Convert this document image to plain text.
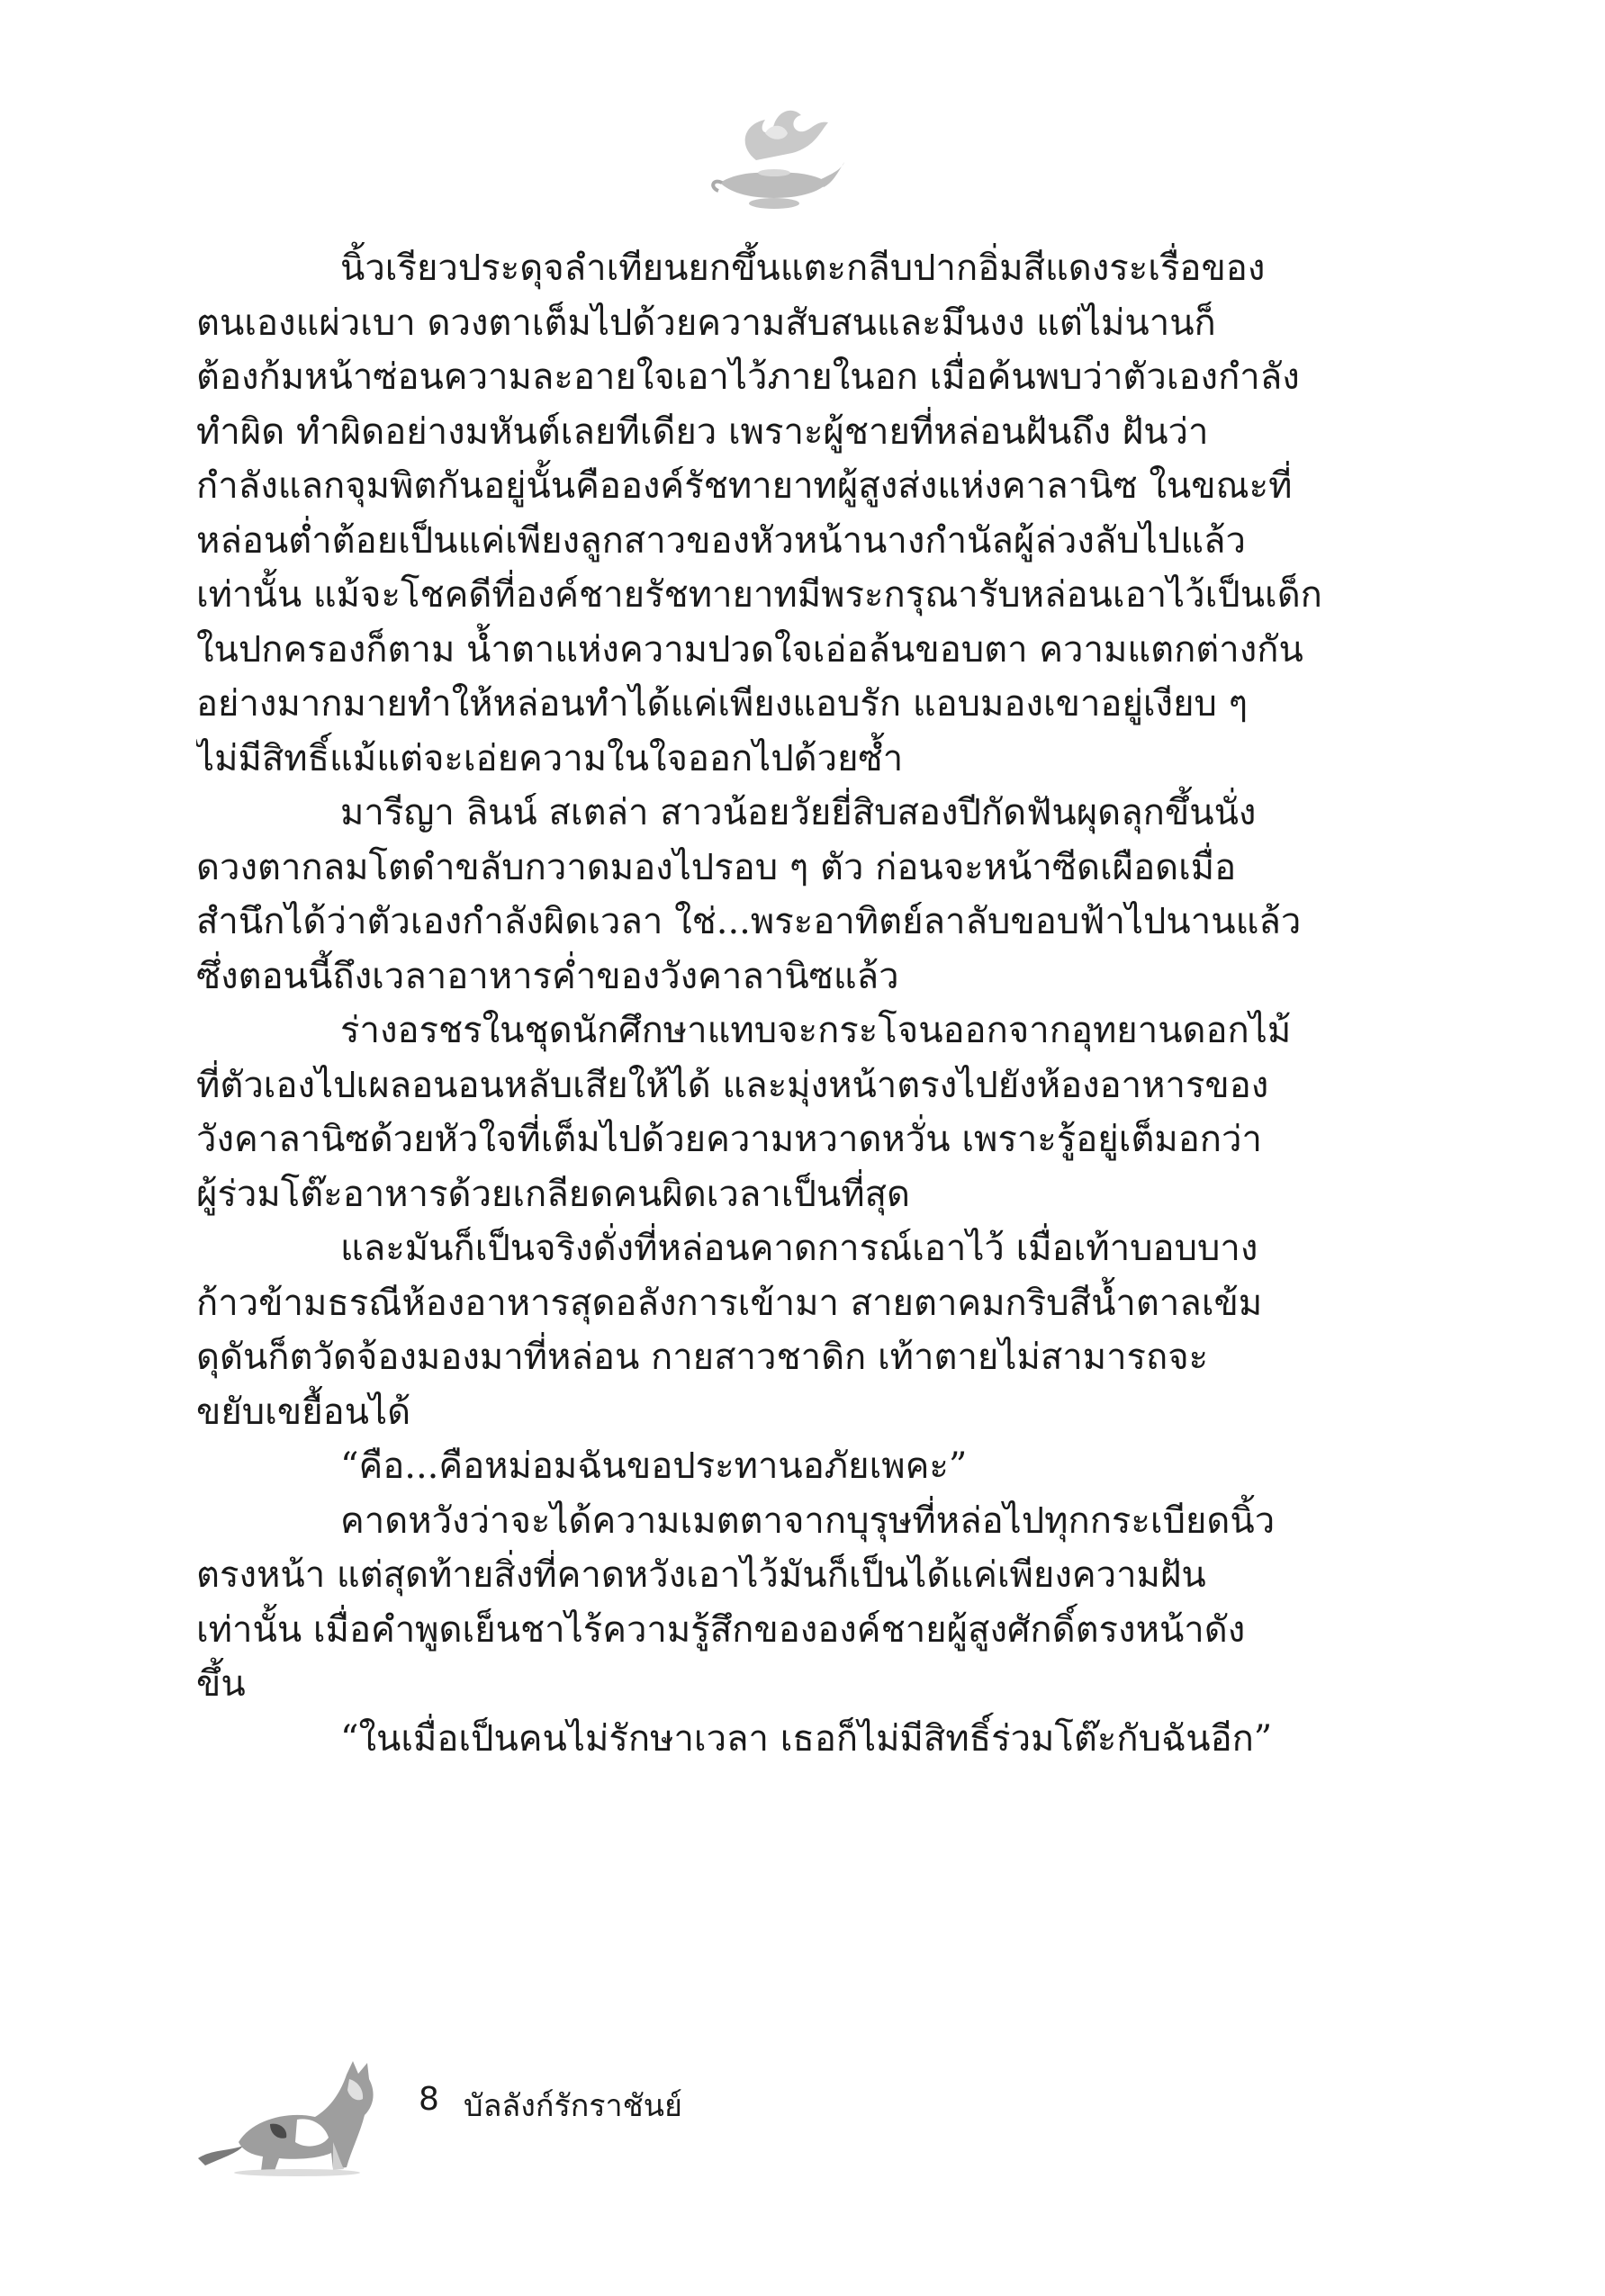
นิ้วเรียวประดุจลำเทียนยกขึ้นแตะกลีบปากอิ่มสีแดงระเรื่อของ
ตนเองแผ่วเบา ดวงตาเต็มไปด้วยความสับสนและมึนงง แต่ไม่นานก็
ต้องก้มหน้าซ่อนความละอายใจเอาไว้ภายในอก เมื่อค้นพบว่าตัวเองกำลัง
ทำผิด ทำผิดอย่างมหันต์เลยทีเดียว เพราะผู้ชายที่หล่อนฝันถึง ฝันว่า
กำลังแลกจุมพิตกันอยู่นั้นคือองค์รัชทายาทผู้สูงส่งแห่งคาลานิซ ในขณะที่
หล่อนต่ำต้อยเป็นแค่เพียงลูกสาวของหัวหน้านางกำนัลผู้ล่วงลับไปแล้ว
เท่านั้น แม้จะโชคดีที่องค์ชายรัชทายาทมีพระกรุณารับหล่อนเอาไว้เป็นเด็ก
ในปกครองก็ตาม น้ำตาแห่งความปวดใจเอ่อล้นขอบตา ความแตกต่างกัน
อย่างมากมายทำให้หล่อนทำได้แค่เพียงแอบรัก แอบมองเขาอยู่เงียบ ๆ
ไม่มีสิทธิ์แม้แต่จะเอ่ยความในใจออกไปด้วยซ้ำ
มารีญา ลินน์ สเตล่า สาวน้อยวัยยี่สิบสองปีกัดฟันผุดลุกขึ้นนั่ง
ดวงตากลมโตดำขลับกวาดมองไปรอบ ๆ ตัว ก่อนจะหน้าซีดเผือดเมื่อ
สำนึกได้ว่าตัวเองกำลังผิดเวลา ใช่...พระอาทิตย์ลาลับขอบฟ้าไปนานแล้ว
ซึ่งตอนนี้ถึงเวลาอาหารค่ำของวังคาลานิซแล้ว
ร่างอรชรในชุดนักศึกษาแทบจะกระโจนออกจากอุทยานดอกไม้
ที่ตัวเองไปเผลอนอนหลับเสียให้ได้ และมุ่งหน้าตรงไปยังห้องอาหารของ
วังคาลานิซด้วยหัวใจที่เต็มไปด้วยความหวาดหวั่น เพราะรู้อยู่เต็มอกว่า
ผู้ร่วมโต๊ะอาหารด้วยเกลียดคนผิดเวลาเป็นที่สุด
และมันก็เป็นจริงดั่งที่หล่อนคาดการณ์เอาไว้ เมื่อเท้าบอบบาง
ก้าวข้ามธรณีห้องอาหารสุดอลังการเข้ามา สายตาคมกริบสีน้ำตาลเข้ม
ดุดันก็ตวัดจ้องมองมาที่หล่อน กายสาวชาดิก เท้าตายไม่สามารถจะ
ขยับเขยื้อนได้
“คือ...คือหม่อมฉันขอประทานอภัยเพคะ”
คาดหวังว่าจะได้ความเมตตาจากบุรุษที่หล่อไปทุกกระเบียดนิ้ว
ตรงหน้า แต่สุดท้ายสิ่งที่คาดหวังเอาไว้มันก็เป็นได้แค่เพียงความฝัน
เท่านั้น เมื่อคำพูดเย็นชาไร้ความรู้สึกขององค์ชายผู้สูงศักดิ์ตรงหน้าดัง
ขึ้น
“ในเมื่อเป็นคนไม่รักษาเวลา เธอก็ไม่มีสิทธิ์ร่วมโต๊ะกับฉันอีก”
8 บัลลังก์รักราชันย์
